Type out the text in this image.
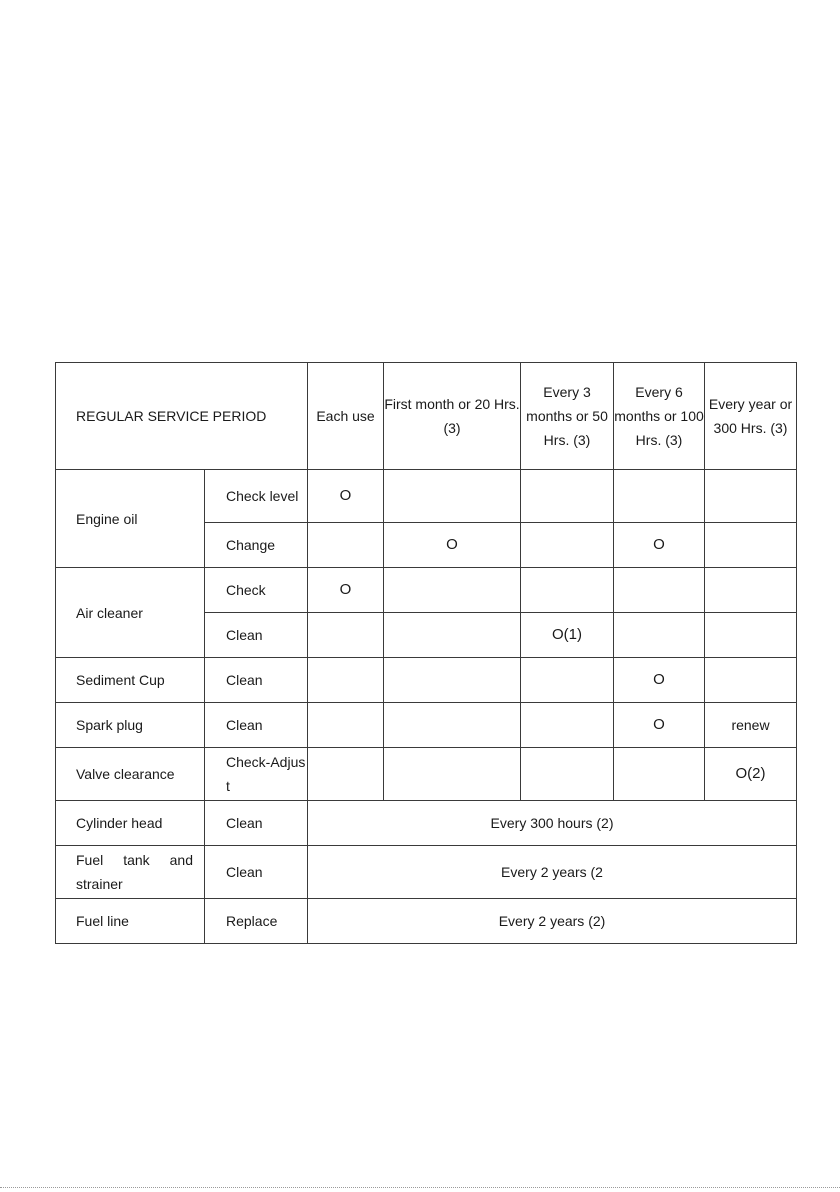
REGULAR SERVICE PERIOD		Each use	First month or 20 Hrs. (3)	Every 3 months or 50 Hrs. (3)	Every 6 months or 100 Hrs. (3)	Every year or 300 Hrs. (3)
Engine oil	Check level	O				
	Change		O		O	
Air cleaner	Check	O				
	Clean			O(1)		
Sediment Cup	Clean				O	
Spark plug	Clean				O	renew
Valve clearance	Check-Adjust					O(2)
Cylinder head	Clean	Every 300 hours (2)				

Fuel tank and strainer	Clean	Every 2 years (2				
Fuel line	Replace	Every 2 years (2)				
